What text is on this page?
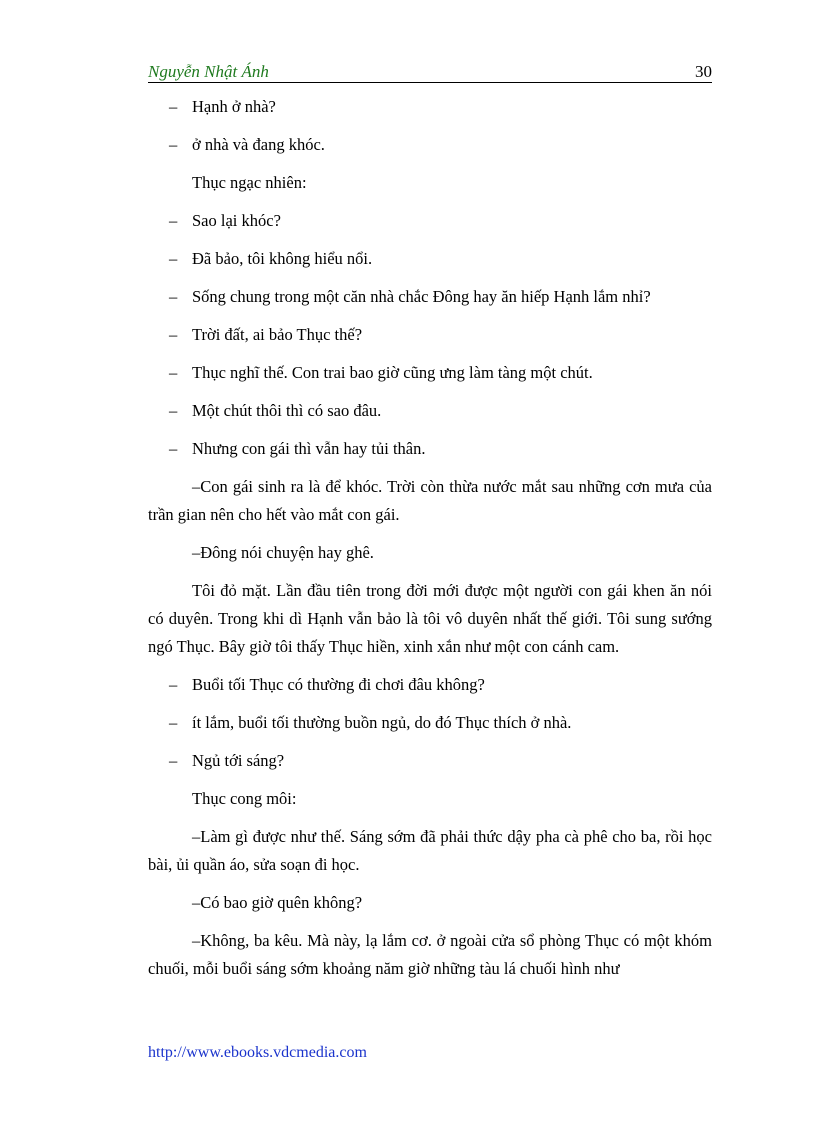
Nguyễn Nhật Ánh	30

– Hạnh ở nhà?

– ở nhà và đang khóc.

Thục ngạc nhiên:

– Sao lại khóc?

– Đã bảo, tôi không hiểu nổi.

– Sống chung trong một căn nhà chắc Đông hay ăn hiếp Hạnh lắm nhỉ?

– Trời đất, ai bảo Thục thế?

– Thục nghĩ thế. Con trai bao giờ cũng ưng làm tàng một chút.

– Một chút thôi thì có sao đâu.

– Nhưng con gái thì vẫn hay tủi thân.

–Con gái sinh ra là để khóc. Trời còn thừa nước mắt sau những cơn mưa của trần gian nên cho hết vào mắt con gái.

–Đông nói chuyện hay ghê.

Tôi đỏ mặt. Lần đầu tiên trong đời mới được một người con gái khen ăn nói có duyên. Trong khi dì Hạnh vẫn bảo là tôi vô duyên nhất thế giới. Tôi sung sướng ngó Thục. Bây giờ tôi thấy Thục hiền, xinh xắn như một con cánh cam.

– Buổi tối Thục có thường đi chơi đâu không?

– ít lắm, buổi tối thường buồn ngủ, do đó Thục thích ở nhà.

– Ngủ tới sáng?

Thục cong môi:

–Làm gì được như thế. Sáng sớm đã phải thức dậy pha cà phê cho ba, rồi học bài, ủi quần áo, sửa soạn đi học.

–Có bao giờ quên không?

–Không, ba kêu. Mà này, lạ lắm cơ. ở ngoài cửa sổ phòng Thục có một khóm chuối, mỗi buổi sáng sớm khoảng năm giờ những tàu lá chuối hình như

http://www.ebooks.vdcmedia.com
